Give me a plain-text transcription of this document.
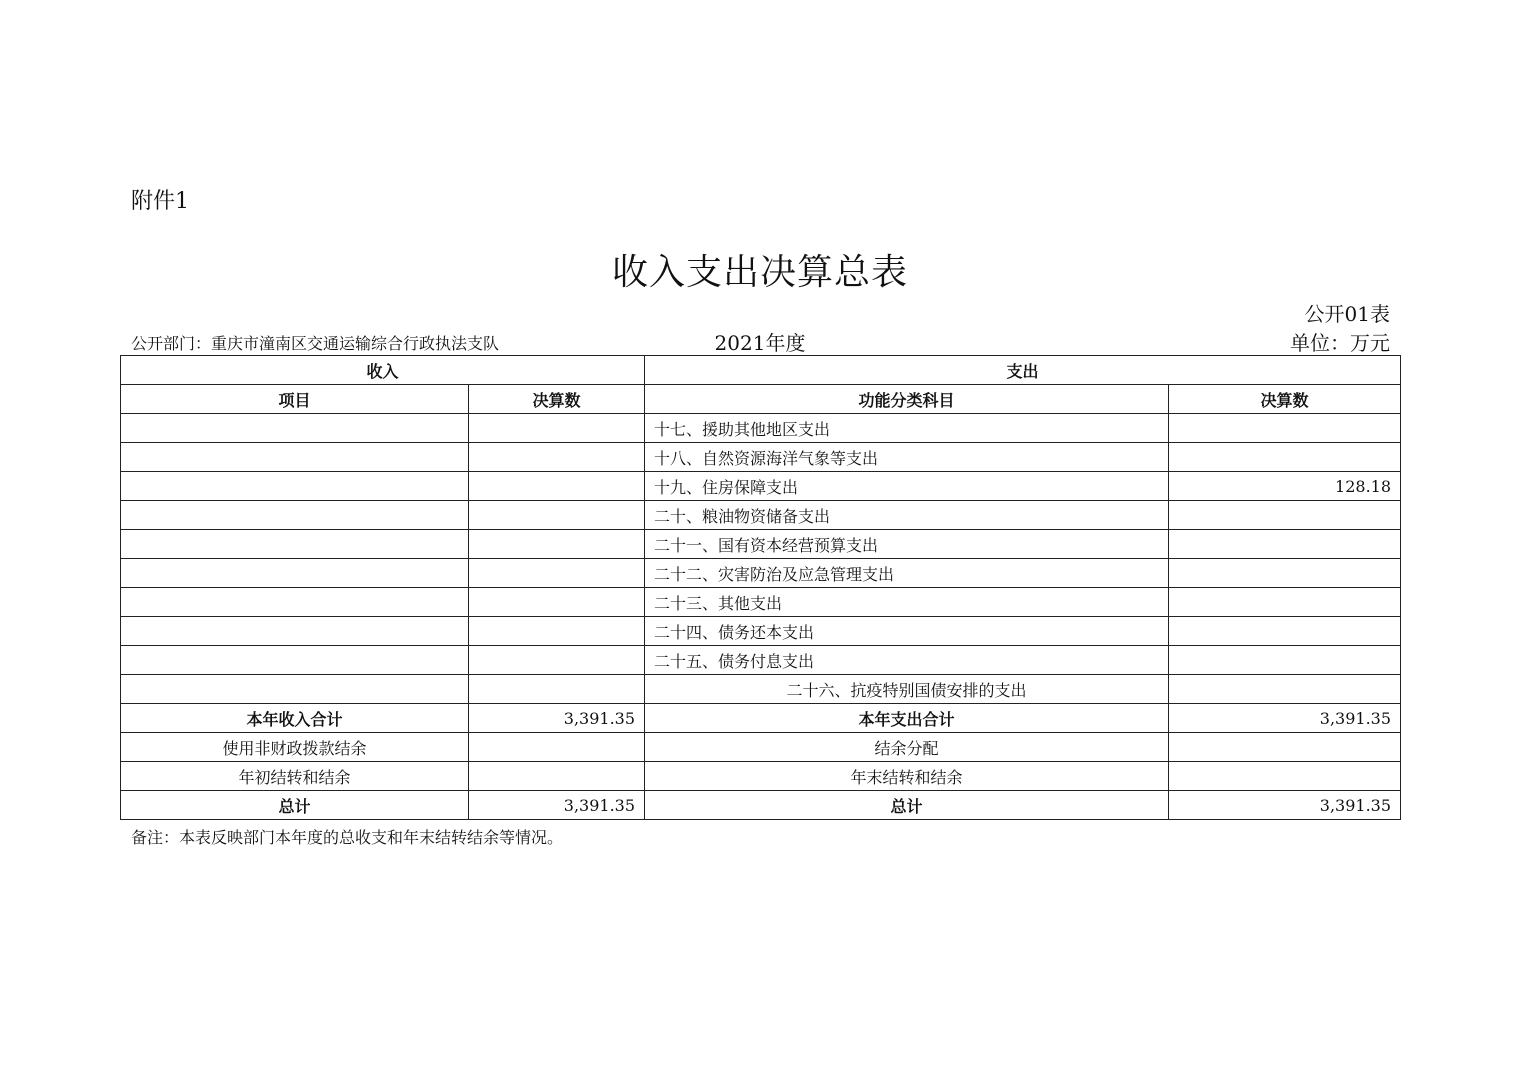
附件1
收入支出决算总表
公开01表
公开部门：重庆市潼南区交通运输综合行政执法支队	2021年度	单位：万元
收入		支出	
项目	决算数	功能分类科目	决算数
		十七、援助其他地区支出	
		十八、自然资源海洋气象等支出	
		十九、住房保障支出	128.18
		二十、粮油物资储备支出	
		二十一、国有资本经营预算支出	
		二十二、灾害防治及应急管理支出	
		二十三、其他支出	
		二十四、债务还本支出	
		二十五、债务付息支出	
		二十六、抗疫特别国债安排的支出	
本年收入合计	3,391.35	本年支出合计	3,391.35
使用非财政拨款结余		结余分配	
年初结转和结余		年末结转和结余	
总计	3,391.35	总计	3,391.35
备注：本表反映部门本年度的总收支和年末结转结余等情况。
